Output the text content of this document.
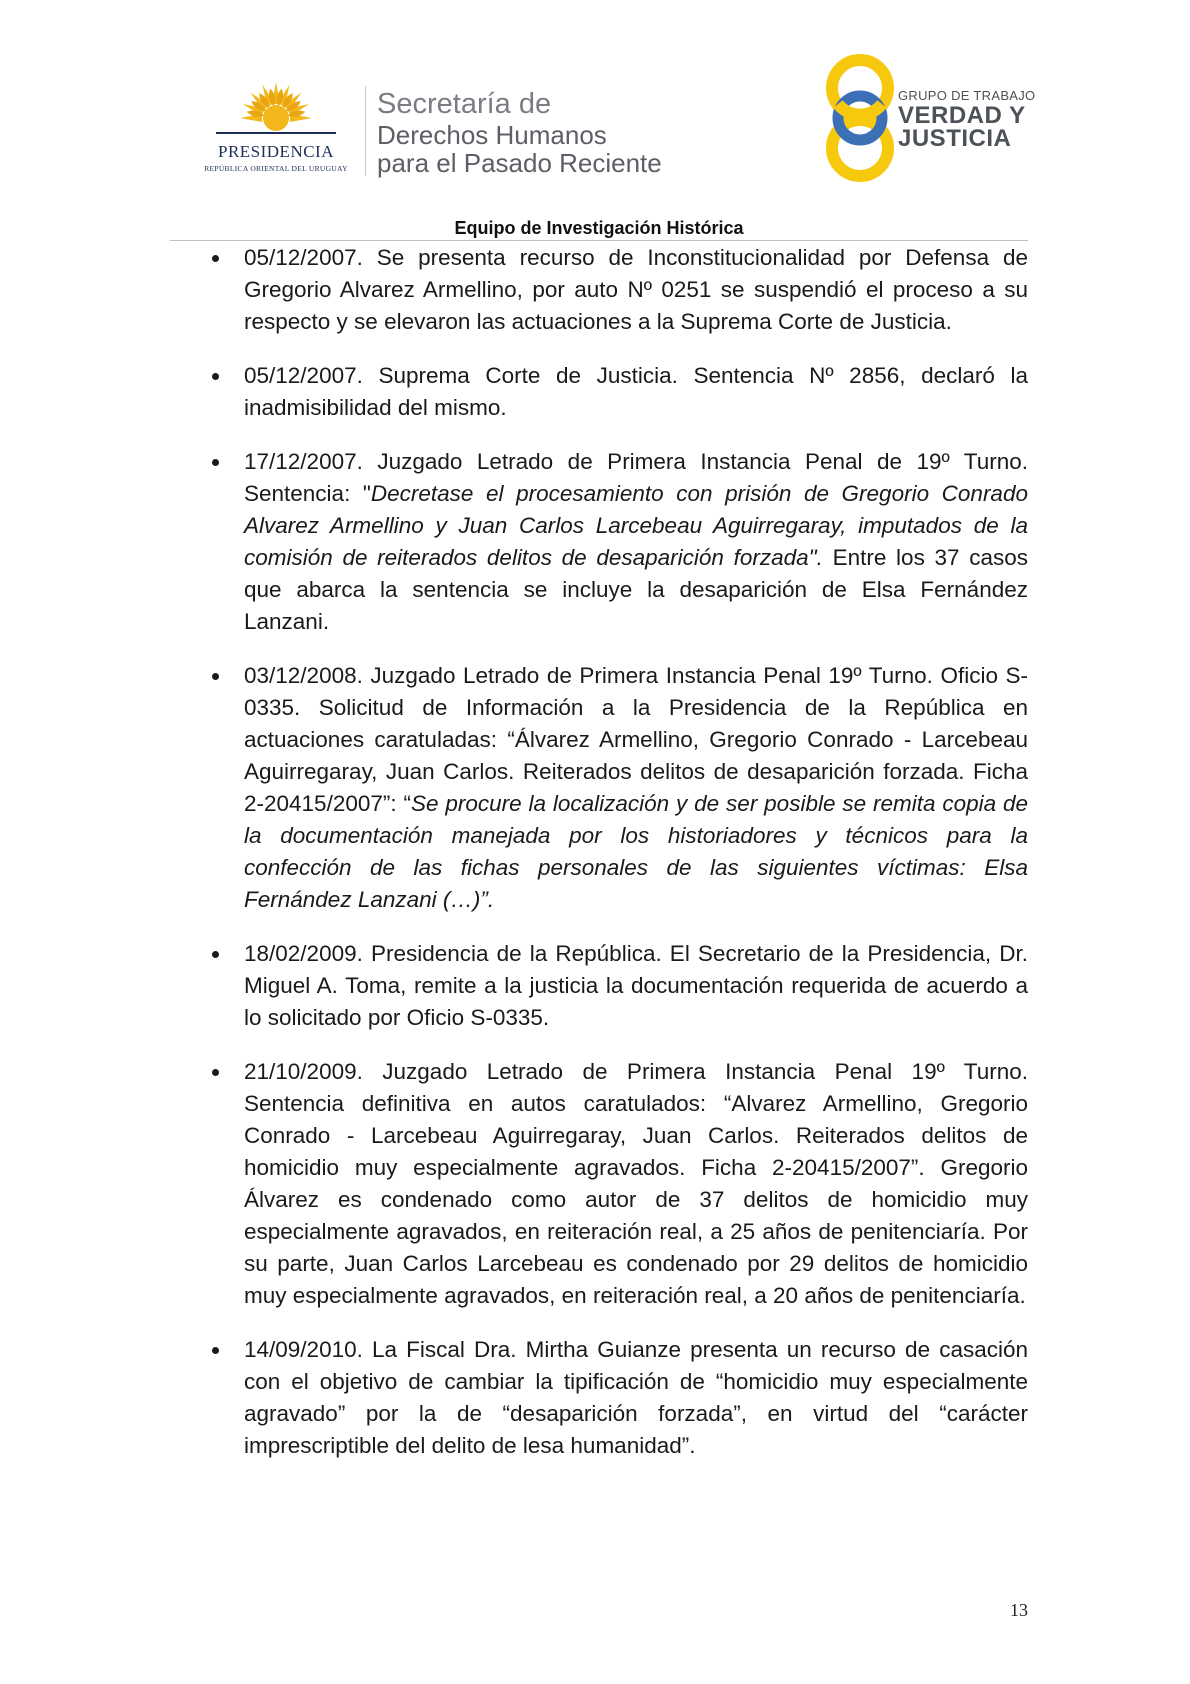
PRESIDENCIA
REPÚBLICA ORIENTAL DEL URUGUAY
Secretaría de
Derechos Humanos
para el Pasado Reciente
GRUPO DE TRABAJO
VERDAD Y
JUSTICIA
Equipo de Investigación Histórica
05/12/2007. Se presenta recurso de Inconstitucionalidad por Defensa de Gregorio Alvarez Armellino, por auto Nº 0251 se suspendió el proceso a su respecto y se elevaron las actuaciones a la Suprema Corte de Justicia.
05/12/2007. Suprema Corte de Justicia. Sentencia Nº 2856, declaró la inadmisibilidad del mismo.
17/12/2007. Juzgado Letrado de Primera Instancia Penal de 19º Turno. Sentencia: "Decretase el procesamiento con prisión de Gregorio Conrado Alvarez Armellino y Juan Carlos Larcebeau Aguirregaray, imputados de la comisión de reiterados delitos de desaparición forzada". Entre los 37 casos que abarca la sentencia se incluye la desaparición de Elsa Fernández Lanzani.
03/12/2008. Juzgado Letrado de Primera Instancia Penal 19º Turno. Oficio S-0335. Solicitud de Información a la Presidencia de la República en actuaciones caratuladas: “Álvarez Armellino, Gregorio Conrado - Larcebeau Aguirregaray, Juan Carlos. Reiterados delitos de desaparición forzada. Ficha 2-20415/2007”: “Se procure la localización y de ser posible se remita copia de la documentación manejada por los historiadores y técnicos para la confección de las fichas personales de las siguientes víctimas: Elsa Fernández Lanzani (…)”.
18/02/2009. Presidencia de la República. El Secretario de la Presidencia, Dr. Miguel A. Toma, remite a la justicia la documentación requerida de acuerdo a lo solicitado por Oficio S-0335.
21/10/2009. Juzgado Letrado de Primera Instancia Penal 19º Turno. Sentencia definitiva en autos caratulados: “Alvarez Armellino, Gregorio Conrado - Larcebeau Aguirregaray, Juan Carlos. Reiterados delitos de homicidio muy especialmente agravados. Ficha 2-20415/2007”. Gregorio Álvarez es condenado como autor de 37 delitos de homicidio muy especialmente agravados, en reiteración real, a 25 años de penitenciaría. Por su parte, Juan Carlos Larcebeau es condenado por 29 delitos de homicidio muy especialmente agravados, en reiteración real, a 20 años de penitenciaría.
14/09/2010. La Fiscal Dra. Mirtha Guianze presenta un recurso de casación con el objetivo de cambiar la tipificación de “homicidio muy especialmente agravado” por la de “desaparición forzada”, en virtud del “carácter imprescriptible del delito de lesa humanidad”.
13
